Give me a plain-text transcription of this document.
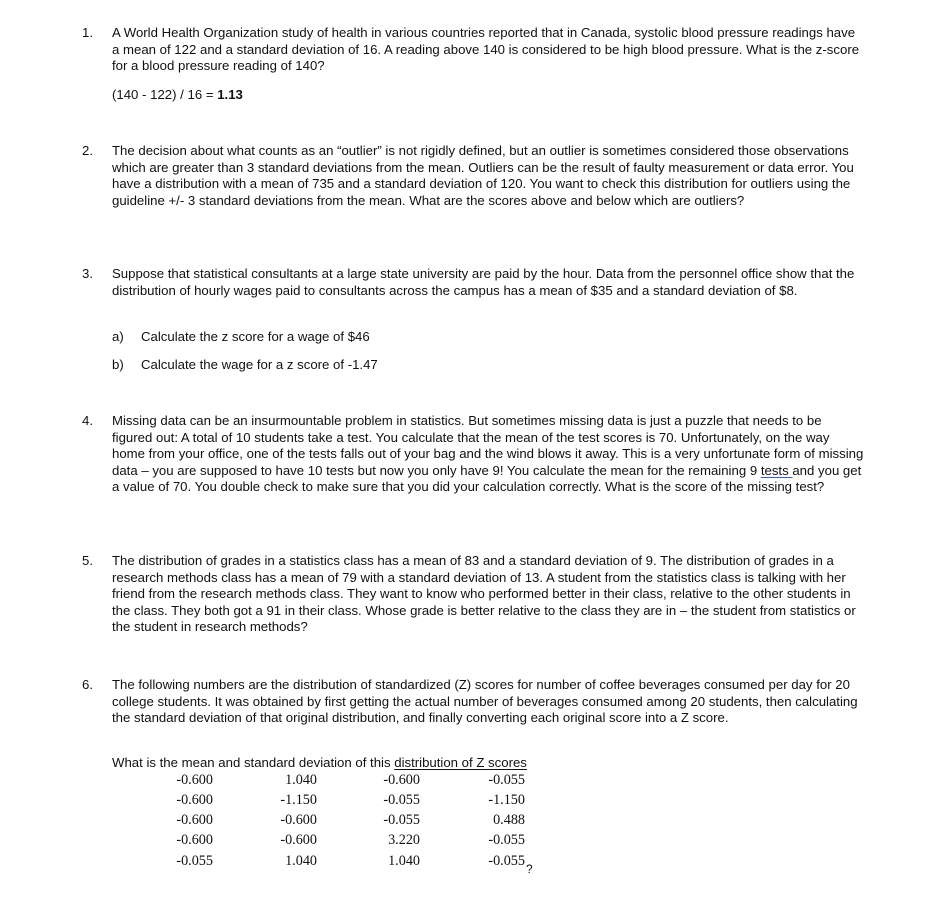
1. A World Health Organization study of health in various countries reported that in Canada, systolic blood pressure readings have a mean of 122 and a standard deviation of 16. A reading above 140 is considered to be high blood pressure. What is the z-score for a blood pressure reading of 140?
(140 - 122) / 16 = 1.13
2. The decision about what counts as an “outlier” is not rigidly defined, but an outlier is sometimes considered those observations which are greater than 3 standard deviations from the mean. Outliers can be the result of faulty measurement or data error. You have a distribution with a mean of 735 and a standard deviation of 120. You want to check this distribution for outliers using the guideline +/- 3 standard deviations from the mean. What are the scores above and below which are outliers?
3. Suppose that statistical consultants at a large state university are paid by the hour. Data from the personnel office show that the distribution of hourly wages paid to consultants across the campus has a mean of $35 and a standard deviation of $8.
a) Calculate the z score for a wage of $46
b) Calculate the wage for a z score of -1.47
4. Missing data can be an insurmountable problem in statistics. But sometimes missing data is just a puzzle that needs to be figured out: A total of 10 students take a test. You calculate that the mean of the test scores is 70. Unfortunately, on the way home from your office, one of the tests falls out of your bag and the wind blows it away. This is a very unfortunate form of missing data – you are supposed to have 10 tests but now you only have 9! You calculate the mean for the remaining 9 tests and you get a value of 70. You double check to make sure that you did your calculation correctly. What is the score of the missing test?
5. The distribution of grades in a statistics class has a mean of 83 and a standard deviation of 9. The distribution of grades in a research methods class has a mean of 79 with a standard deviation of 13. A student from the statistics class is talking with her friend from the research methods class. They want to know who performed better in their class, relative to the other students in the class. They both got a 91 in their class. Whose grade is better relative to the class they are in – the student from statistics or the student in research methods?
6. The following numbers are the distribution of standardized (Z) scores for number of coffee beverages consumed per day for 20 college students. It was obtained by first getting the actual number of beverages consumed among 20 students, then calculating the standard deviation of that original distribution, and finally converting each original score into a Z score.
What is the mean and standard deviation of this distribution of Z scores
-0.600	1.040	-0.600	-0.055
-0.600	-1.150	-0.055	-1.150
-0.600	-0.600	-0.055	0.488
-0.600	-0.600	3.220	-0.055
-0.055	1.040	1.040	-0.055
?
